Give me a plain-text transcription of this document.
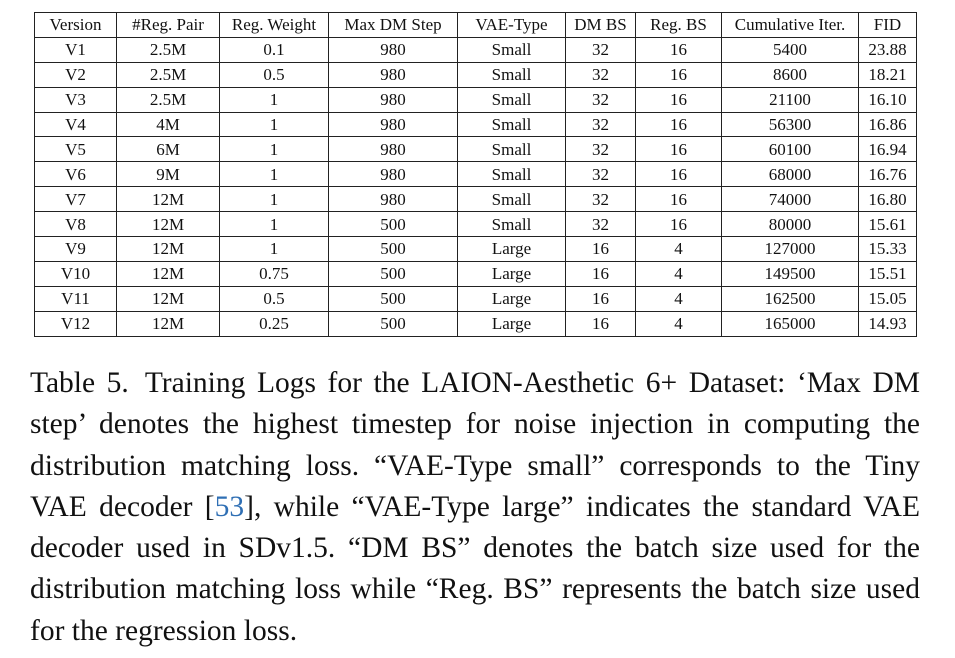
Version	#Reg. Pair	Reg. Weight	Max DM Step	VAE-Type	DM BS	Reg. BS	Cumulative Iter.	FID
V1	2.5M	0.1	980	Small	32	16	5400	23.88
V2	2.5M	0.5	980	Small	32	16	8600	18.21
V3	2.5M	1	980	Small	32	16	21100	16.10
V4	4M	1	980	Small	32	16	56300	16.86
V5	6M	1	980	Small	32	16	60100	16.94
V6	9M	1	980	Small	32	16	68000	16.76
V7	12M	1	980	Small	32	16	74000	16.80
V8	12M	1	500	Small	32	16	80000	15.61
V9	12M	1	500	Large	16	4	127000	15.33
V10	12M	0.75	500	Large	16	4	149500	15.51
V11	12M	0.5	500	Large	16	4	162500	15.05
V12	12M	0.25	500	Large	16	4	165000	14.93

Table 5. Training Logs for the LAION-Aesthetic 6+ Dataset: ‘Max DM step’ denotes the highest timestep for noise injection in computing the distribution matching loss. “VAE-Type small” corresponds to the Tiny VAE decoder [53], while “VAE-Type large” indicates the standard VAE decoder used in SDv1.5. “DM BS” denotes the batch size used for the distribution matching loss while “Reg. BS” represents the batch size used for the regression loss.
